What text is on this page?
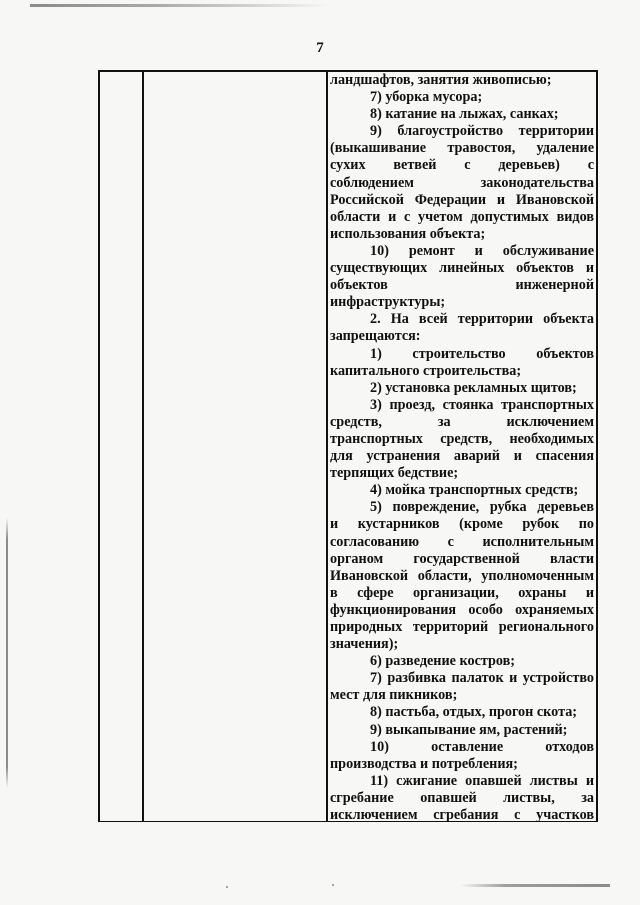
7

ландшафтов, занятия живописью;

7) уборка мусора;

8) катание на лыжах, санках;

9) благоустройство территории

(выкашивание травостоя, удаление

сухих ветвей с деревьев) с

соблюдением законодательства

Российской Федерации и Ивановской

области и с учетом допустимых видов

использования объекта;

10) ремонт и обслуживание

существующих линейных объектов и

объектов инженерной

инфраструктуры;

2. На всей территории объекта

запрещаются:

1) строительство объектов

капитального строительства;

2) установка рекламных щитов;

3) проезд, стоянка транспортных

средств, за исключением

транспортных средств, необходимых

для устранения аварий и спасения

терпящих бедствие;

4) мойка транспортных средств;

5) повреждение, рубка деревьев

и кустарников (кроме рубок по

согласованию с исполнительным

органом государственной власти

Ивановской области, уполномоченным

в сфере организации, охраны и

функционирования особо охраняемых

природных территорий регионального

значения);

6) разведение костров;

7) разбивка палаток и устройство

мест для пикников;

8) пастьба, отдых, прогон скота;

9) выкапывание ям, растений;

10) оставление отходов

производства и потребления;

11) сжигание опавшей листвы и

сгребание опавшей листвы, за

исключением сгребания с участков
